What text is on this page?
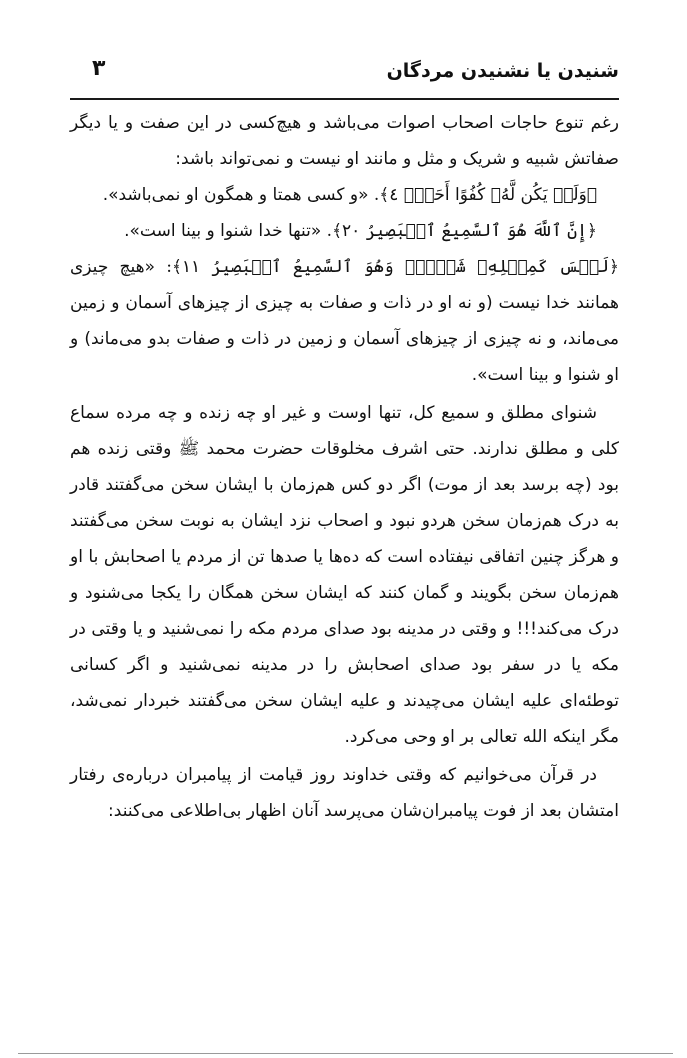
شنیدن یا نشنیدن مردگان
۳

رغم تنوع حاجات اصحاب اصوات می‌باشد و هیچ‌کسی در این صفت و یا دیگر صفاتش شبیه و شریک و مثل و مانند او نیست و نمی‌تواند باشد:

﴿وَلَمۡ يَكُن لَّهُۥ كُفُوًا أَحَدُۢ ٤﴾. «و کسی همتا و همگون او نمی‌باشد».

﴿إِنَّ ٱللَّهَ هُوَ ٱلسَّمِيعُ ٱلۡبَصِيرُ ٢٠﴾. «تنها خدا شنوا و بینا است».

﴿لَيۡسَ كَمِثۡلِهِۦ شَيۡءٞۖ وَهُوَ ٱلسَّمِيعُ ٱلۡبَصِيرُ ١١﴾: «هیچ چیزی همانند خدا نیست (و نه او در ذات و صفات به چیزی از چیزهای آسمان و زمین می‌ماند، و نه چیزی از چیزهای آسمان و زمین در ذات و صفات بدو می‌ماند) و او شنوا و بینا است».

شنوای مطلق و سمیع کل، تنها اوست و غیر او چه زنده و چه مرده سماع کلی و مطلق ندارند. حتی اشرف مخلوقات حضرت محمد ﷺ وقتی زنده هم بود (چه برسد بعد از موت) اگر دو کس هم‌زمان با ایشان سخن می‌گفتند قادر به درک هم‌زمان سخن هردو نبود و اصحاب نزد ایشان به نوبت سخن می‌گفتند و هرگز چنین اتفاقی نیفتاده است که ده‌ها یا صدها تن از مردم یا اصحابش با او هم‌زمان سخن بگویند و گمان کنند که ایشان سخن همگان را یکجا می‌شنود و درک می‌کند!!! و وقتی در مدینه بود صدای مردم مکه را نمی‌شنید و یا وقتی در مکه یا در سفر بود صدای اصحابش را در مدینه نمی‌شنید و اگر کسانی توطئه‌ای علیه ایشان می‌چیدند و علیه ایشان سخن می‌گفتند خبردار نمی‌شد، مگر اینکه الله تعالی بر او وحی می‌کرد.

در قرآن می‌خوانیم که وقتی خداوند روز قیامت از پیامبران درباره‌ی رفتار امتشان بعد از فوت پیامبران‌شان می‌پرسد آنان اظهار بی‌اطلاعی می‌کنند:
